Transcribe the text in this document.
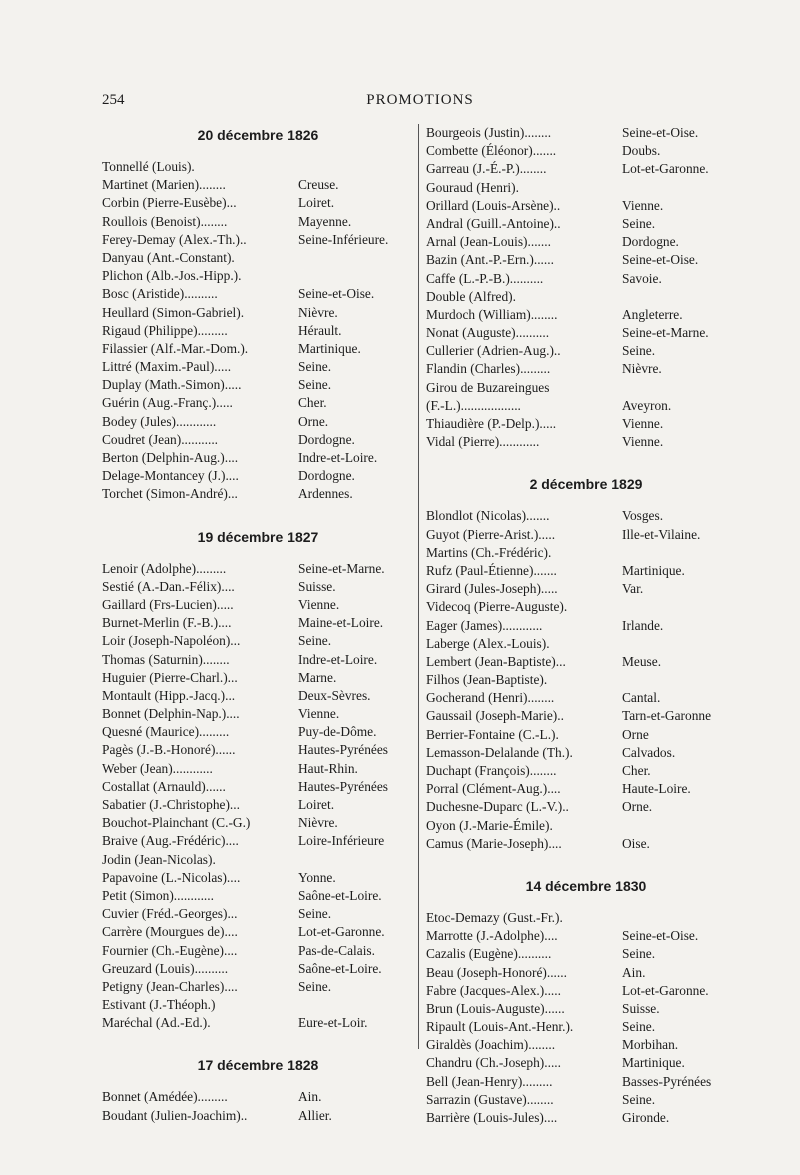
254	PROMOTIONS
20 décembre 1826
Tonnellé (Louis).
Martinet (Marien)........	Creuse.
Corbin (Pierre-Eusèbe)...	Loiret.
Roullois (Benoist)........	Mayenne.
Ferey-Demay (Alex.-Th.)..	Seine-Inférieure.
Danyau (Ant.-Constant).
Plichon (Alb.-Jos.-Hipp.).
Bosc (Aristide)..........	Seine-et-Oise.
Heullard (Simon-Gabriel).	Nièvre.
Rigaud (Philippe).........	Hérault.
Filassier (Alf.-Mar.-Dom.).	Martinique.
Littré (Maxim.-Paul).....	Seine.
Duplay (Math.-Simon).....	Seine.
Guérin (Aug.-Franç.).....	Cher.
Bodey (Jules)............	Orne.
Coudret (Jean)...........	Dordogne.
Berton (Delphin-Aug.)....	Indre-et-Loire.
Delage-Montancey (J.)....	Dordogne.
Torchet (Simon-André)...	Ardennes.
19 décembre 1827
Lenoir (Adolphe).........	Seine-et-Marne.
Sestié (A.-Dan.-Félix)....	Suisse.
Gaillard (Frs-Lucien).....	Vienne.
Burnet-Merlin (F.-B.)....	Maine-et-Loire.
Loir (Joseph-Napoléon)...	Seine.
Thomas (Saturnin)........	Indre-et-Loire.
Huguier (Pierre-Charl.)...	Marne.
Montault (Hipp.-Jacq.)...	Deux-Sèvres.
Bonnet (Delphin-Nap.)....	Vienne.
Quesné (Maurice).........	Puy-de-Dôme.
Pagès (J.-B.-Honoré)......	Hautes-Pyrénées
Weber (Jean)............	Haut-Rhin.
Costallat (Arnauld)......	Hautes-Pyrénées
Sabatier (J.-Christophe)...	Loiret.
Bouchot-Plainchant (C.-G.)	Nièvre.
Braive (Aug.-Frédéric)....	Loire-Inférieure
Jodin (Jean-Nicolas).
Papavoine (L.-Nicolas)....	Yonne.
Petit (Simon)............	Saône-et-Loire.
Cuvier (Fréd.-Georges)...	Seine.
Carrère (Mourgues de)....	Lot-et-Garonne.
Fournier (Ch.-Eugène)....	Pas-de-Calais.
Greuzard (Louis)..........	Saône-et-Loire.
Petigny (Jean-Charles)....	Seine.
Estivant (J.-Théoph.)
Maréchal (Ad.-Ed.).	Eure-et-Loir.
17 décembre 1828
Bonnet (Amédée).........	Ain.
Boudant (Julien-Joachim)..	Allier.
Bourgeois (Justin)........	Seine-et-Oise.
Combette (Éléonor).......	Doubs.
Garreau (J.-É.-P.)........	Lot-et-Garonne.
Gouraud (Henri).
Orillard (Louis-Arsène)..	Vienne.
Andral (Guill.-Antoine)..	Seine.
Arnal (Jean-Louis).......	Dordogne.
Bazin (Ant.-P.-Ern.)......	Seine-et-Oise.
Caffe (L.-P.-B.)..........	Savoie.
Double (Alfred).
Murdoch (William)........	Angleterre.
Nonat (Auguste)..........	Seine-et-Marne.
Cullerier (Adrien-Aug.)..	Seine.
Flandin (Charles).........	Nièvre.
Girou de Buzareingues
(F.-L.)..................	Aveyron.
Thiaudière (P.-Delp.).....	Vienne.
Vidal (Pierre)............	Vienne.
2 décembre 1829
Blondlot (Nicolas).......	Vosges.
Guyot (Pierre-Arist.).....	Ille-et-Vilaine.
Martins (Ch.-Frédéric).
Rufz (Paul-Étienne).......	Martinique.
Girard (Jules-Joseph).....	Var.
Videcoq (Pierre-Auguste).
Eager (James)............	Irlande.
Laberge (Alex.-Louis).
Lembert (Jean-Baptiste)...	Meuse.
Filhos (Jean-Baptiste).
Gocherand (Henri)........	Cantal.
Gaussail (Joseph-Marie)..	Tarn-et-Garonne
Berrier-Fontaine (C.-L.).	Orne
Lemasson-Delalande (Th.).	Calvados.
Duchapt (François)........	Cher.
Porral (Clément-Aug.)....	Haute-Loire.
Duchesne-Duparc (L.-V.)..	Orne.
Oyon (J.-Marie-Émile).
Camus (Marie-Joseph)....	Oise.
14 décembre 1830
Etoc-Demazy (Gust.-Fr.).
Marrotte (J.-Adolphe)....	Seine-et-Oise.
Cazalis (Eugène)..........	Seine.
Beau (Joseph-Honoré)......	Ain.
Fabre (Jacques-Alex.).....	Lot-et-Garonne.
Brun (Louis-Auguste)......	Suisse.
Ripault (Louis-Ant.-Henr.).	Seine.
Giraldès (Joachim)........	Morbihan.
Chandru (Ch.-Joseph).....	Martinique.
Bell (Jean-Henry).........	Basses-Pyrénées
Sarrazin (Gustave)........	Seine.
Barrière (Louis-Jules)....	Gironde.
